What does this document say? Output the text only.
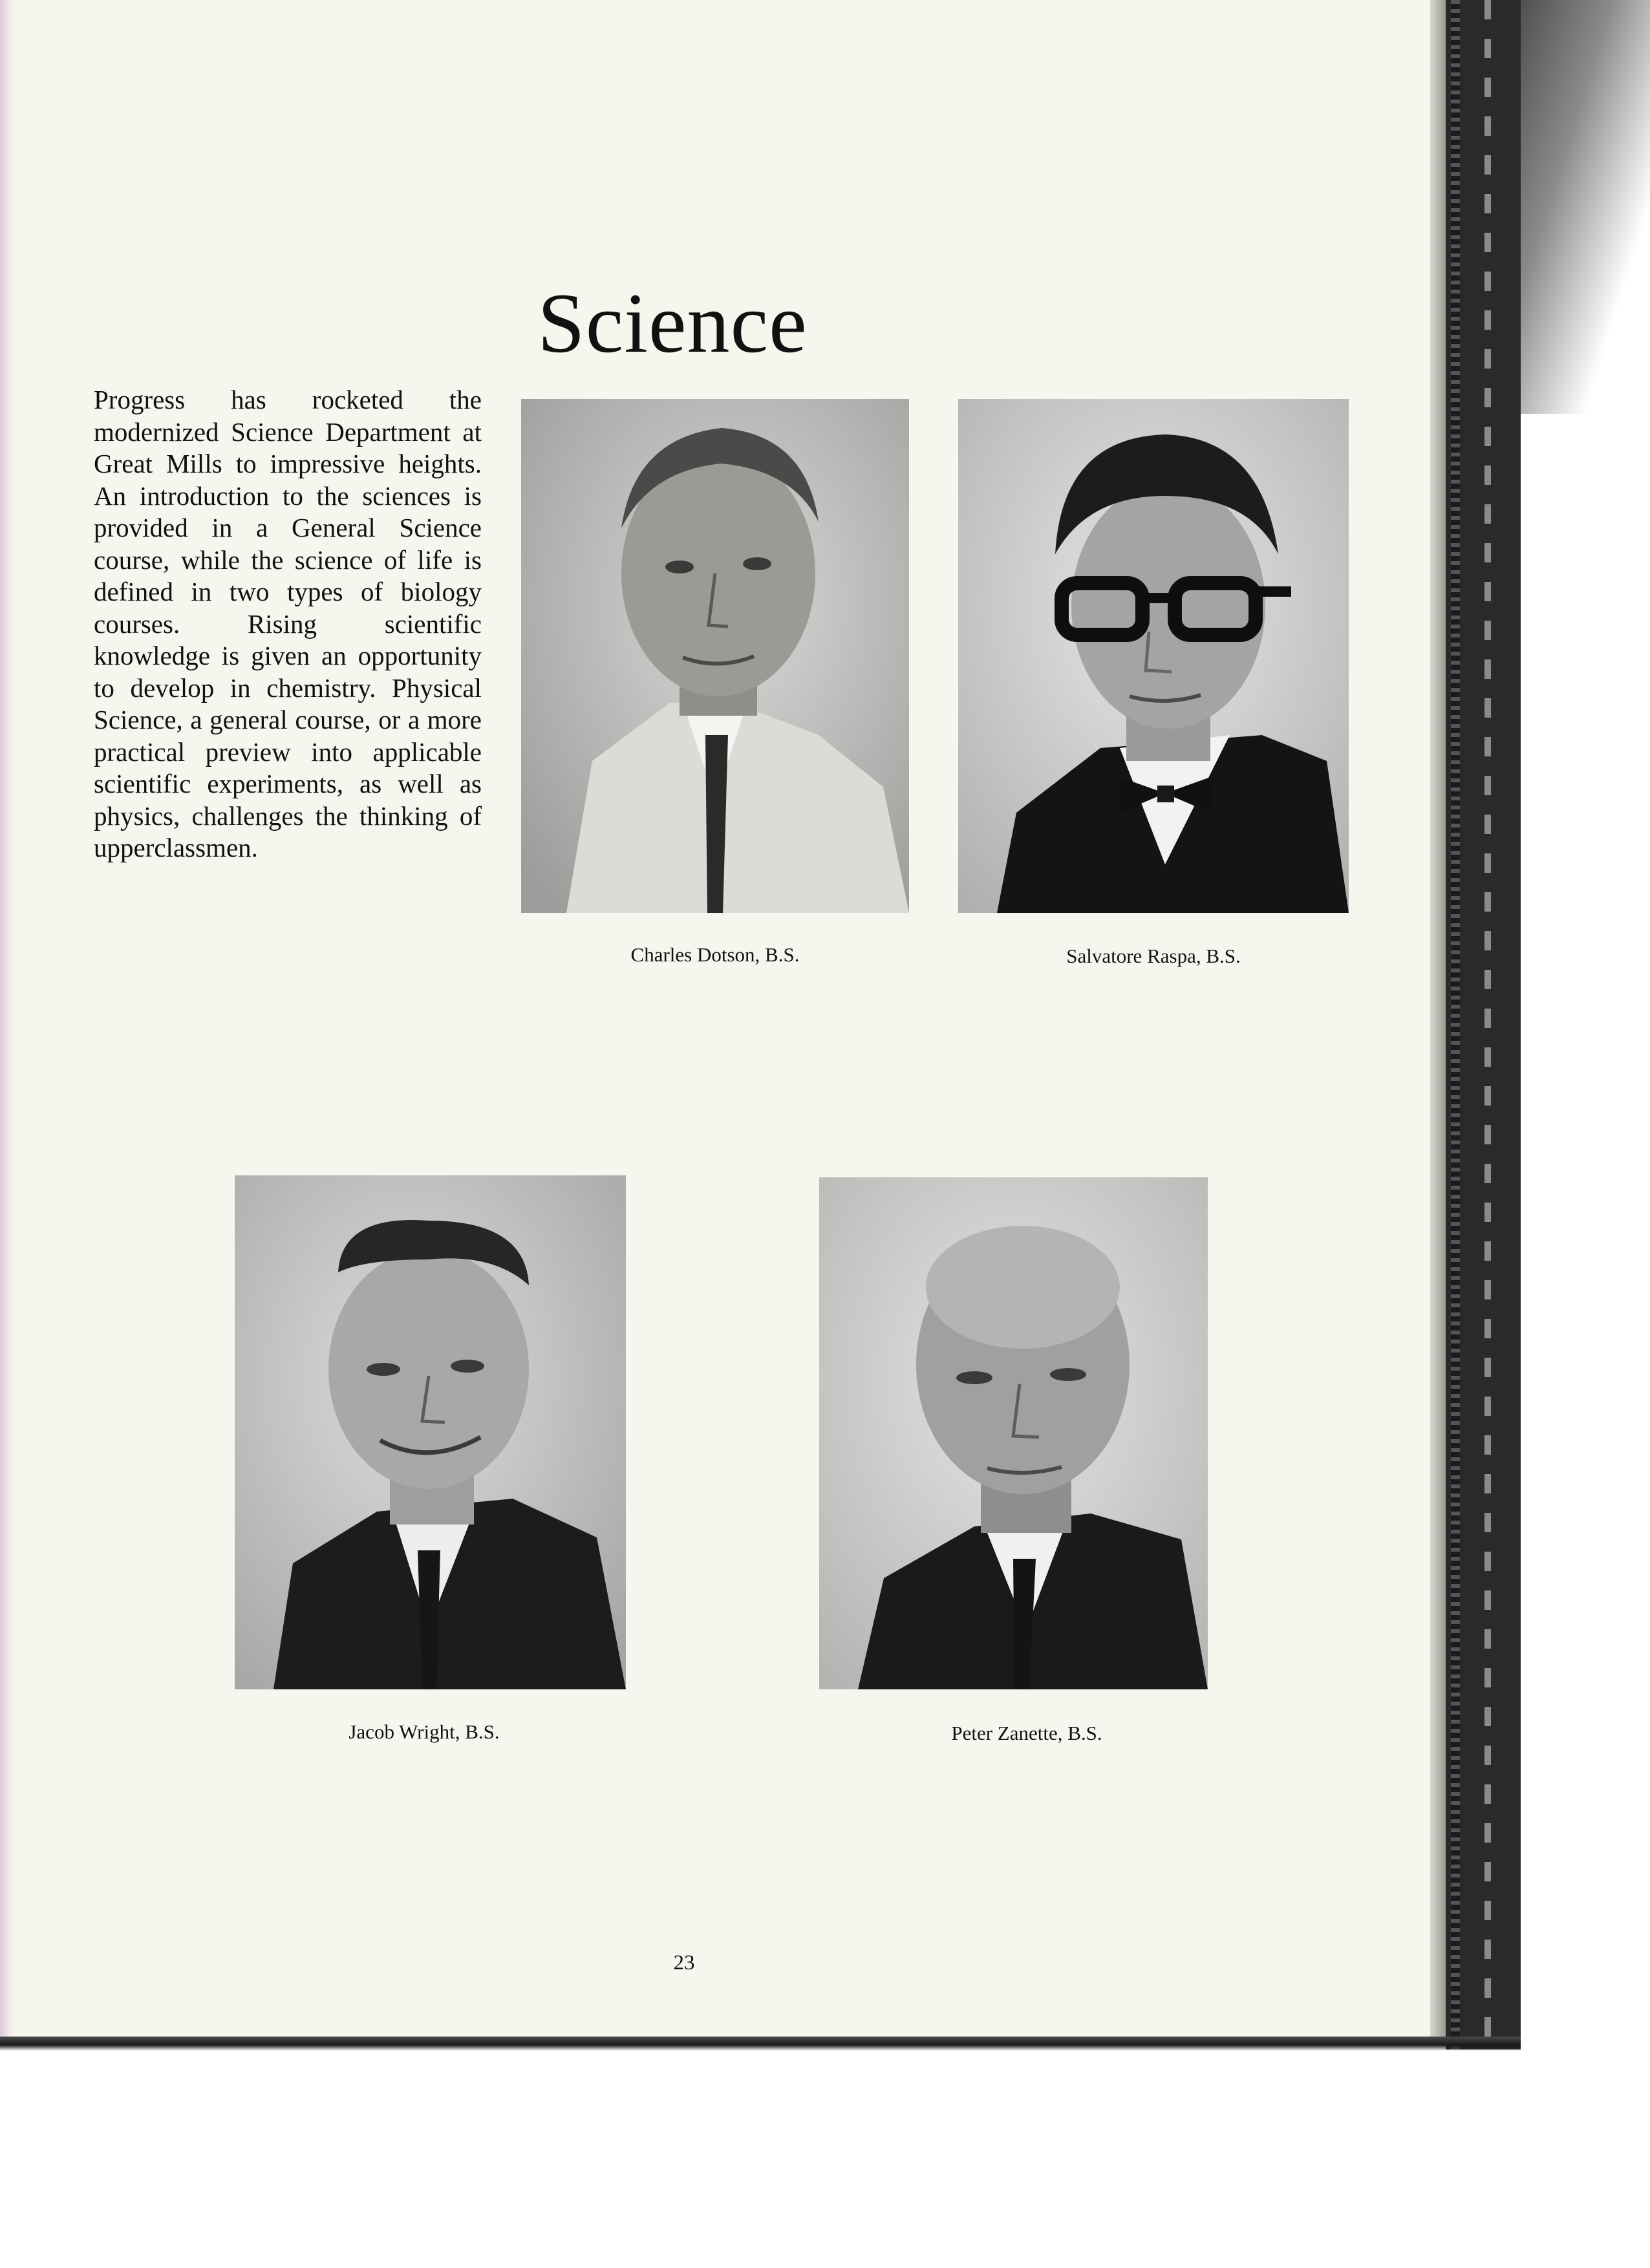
Science
Progress has rocketed the modernized Science Department at Great Mills to impressive heights. An introduction to the sciences is provided in a General Science course, while the science of life is defined in two types of biology courses. Rising scientific knowledge is given an opportunity to develop in chemistry. Physical Science, a general course, or a more practical preview into applicable scientific experiments, as well as physics, challenges the thinking of upperclassmen.
Charles Dotson, B.S.	Salvatore Raspa, B.S.
Jacob Wright, B.S.	Peter Zanette, B.S.
23
